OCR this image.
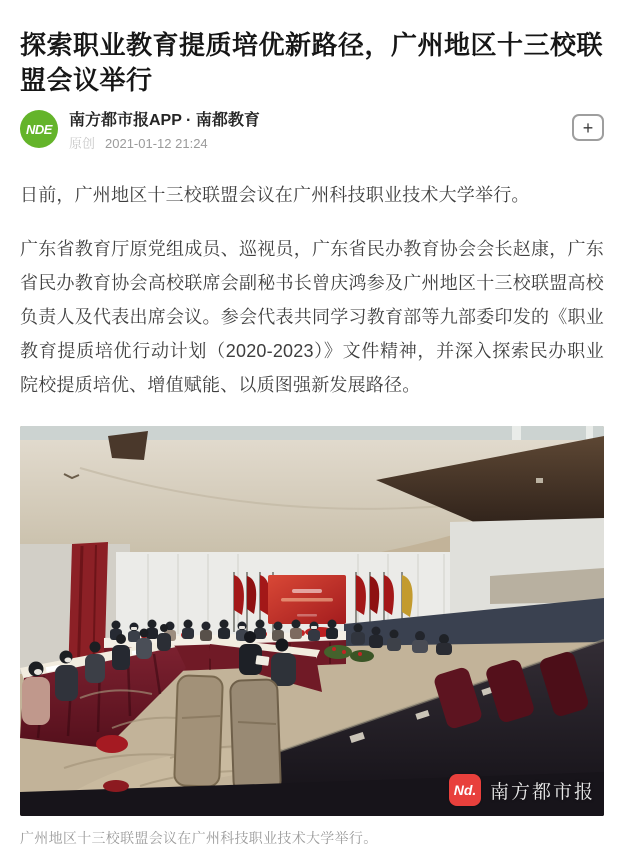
探索职业教育提质培优新路径，广州地区十三校联盟会议举行
NDE 南方都市报APP · 南都教育
原创 2021-01-12 21:24
+

日前，广州地区十三校联盟会议在广州科技职业技术大学举行。

广东省教育厅原党组成员、巡视员，广东省民办教育协会会长赵康，广东省民办教育协会高校联席会副秘书长曾庆鸿参及广州地区十三校联盟高校负责人及代表出席会议。参会代表共同学习教育部等九部委印发的《职业教育提质培优行动计划（2020-2023）》文件精神，并深入探索民办职业院校提质培优、增值赋能、以质图强新发展路径。

Nd. 南方都市报
广州地区十三校联盟会议在广州科技职业技术大学举行。
